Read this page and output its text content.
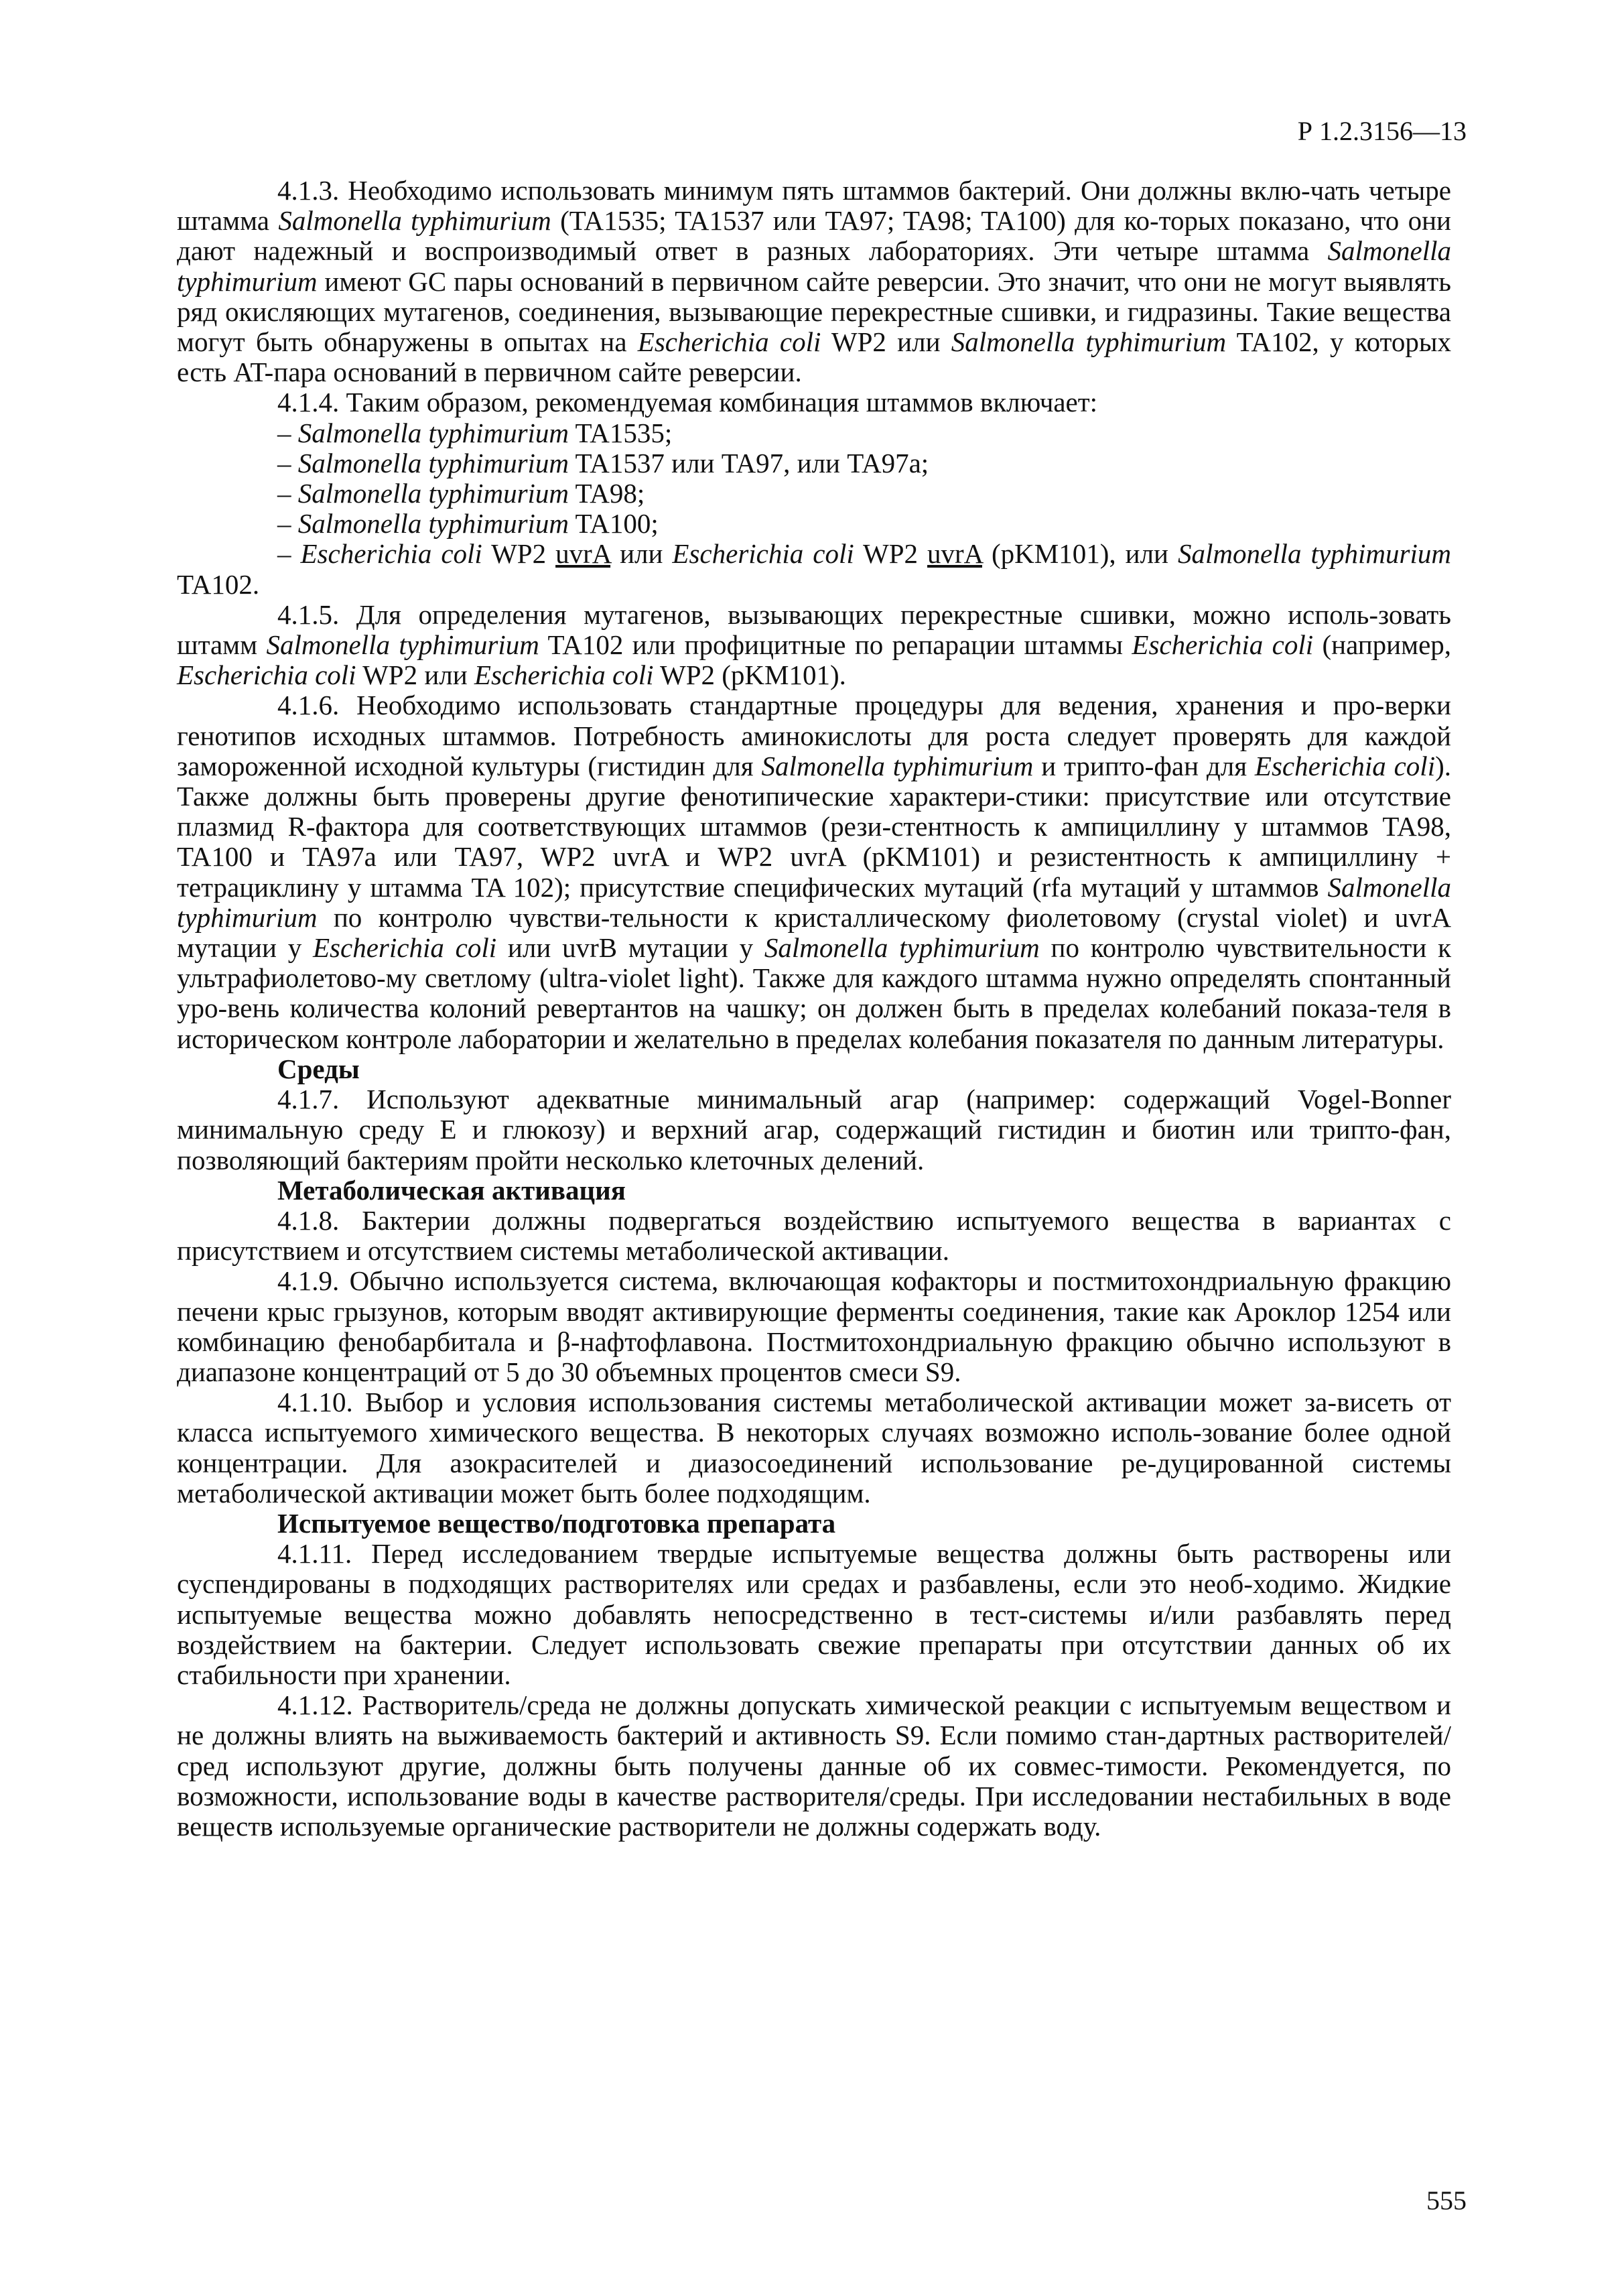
Р 1.2.3156—13

4.1.3. Необходимо использовать минимум пять штаммов бактерий. Они должны вклю-чать четыре штамма Salmonella typhimurium (TA1535; TA1537 или TA97; TA98; TA100) для ко-торых показано, что они дают надежный и воспроизводимый ответ в разных лабораториях. Эти четыре штамма Salmonella typhimurium имеют GC пары оснований в первичном сайте реверсии. Это значит, что они не могут выявлять ряд окисляющих мутагенов, соединения, вызывающие перекрестные сшивки, и гидразины. Такие вещества могут быть обнаружены в опытах на Escherichia coli WP2 или Salmonella typhimurium TA102, у которых есть AT-пара оснований в первичном сайте реверсии.

4.1.4. Таким образом, рекомендуемая комбинация штаммов включает:

– Salmonella typhimurium TA1535;

– Salmonella typhimurium TA1537 или TA97, или TA97a;

– Salmonella typhimurium TA98;

– Salmonella typhimurium TA100;

– Escherichia coli WP2 uvrA или Escherichia coli WP2 uvrA (pKM101), или Salmonella typhimurium TA102.

4.1.5. Для определения мутагенов, вызывающих перекрестные сшивки, можно исполь-зовать штамм Salmonella typhimurium TA102 или профицитные по репарации штаммы Escherichia coli (например, Escherichia coli WP2 или Escherichia coli WP2 (pKM101).

4.1.6. Необходимо использовать стандартные процедуры для ведения, хранения и про-верки генотипов исходных штаммов. Потребность аминокислоты для роста следует проверять для каждой замороженной исходной культуры (гистидин для Salmonella typhimurium и трипто-фан для Escherichia coli). Также должны быть проверены другие фенотипические характери-стики: присутствие или отсутствие плазмид R-фактора для соответствующих штаммов (рези-стентность к ампициллину у штаммов TA98, TA100 и TA97a или TA97, WP2 uvrA и WP2 uvrA (pKM101) и резистентность к ампициллину + тетрациклину у штамма TA 102); присутствие специфических мутаций (rfa мутаций у штаммов Salmonella typhimurium по контролю чувстви-тельности к кристаллическому фиолетовому (crystal violet) и uvrA мутации у Escherichia coli или uvrB мутации у Salmonella typhimurium по контролю чувствительности к ультрафиолетово-му светлому (ultra-violet light). Также для каждого штамма нужно определять спонтанный уро-вень количества колоний ревертантов на чашку; он должен быть в пределах колебаний показа-теля в историческом контроле лаборатории и желательно в пределах колебания показателя по данным литературы.

Среды

4.1.7. Используют адекватные минимальный агар (например: содержащий Vogel-Bonner минимальную среду E и глюкозу) и верхний агар, содержащий гистидин и биотин или трипто-фан, позволяющий бактериям пройти несколько клеточных делений.

Метаболическая активация

4.1.8. Бактерии должны подвергаться воздействию испытуемого вещества в вариантах с присутствием и отсутствием системы метаболической активации.

4.1.9. Обычно используется система, включающая кофакторы и постмитохондриальную фракцию печени крыс грызунов, которым вводят активирующие ферменты соединения, такие как Ароклор 1254 или комбинацию фенобарбитала и β-нафтофлавона. Постмитохондриальную фракцию обычно используют в диапазоне концентраций от 5 до 30 объемных процентов смеси S9.

4.1.10. Выбор и условия использования системы метаболической активации может за-висеть от класса испытуемого химического вещества. В некоторых случаях возможно исполь-зование более одной концентрации. Для азокрасителей и диазосоединений использование ре-дуцированной системы метаболической активации может быть более подходящим.

Испытуемое вещество/подготовка препарата

4.1.11. Перед исследованием твердые испытуемые вещества должны быть растворены или суспендированы в подходящих растворителях или средах и разбавлены, если это необ-ходимо. Жидкие испытуемые вещества можно добавлять непосредственно в тест-системы и/или разбавлять перед воздействием на бактерии. Следует использовать свежие препараты при отсутствии данных об их стабильности при хранении.

4.1.12. Растворитель/среда не должны допускать химической реакции с испытуемым веществом и не должны влиять на выживаемость бактерий и активность S9. Если помимо стан-дартных растворителей/сред используют другие, должны быть получены данные об их совмес-тимости. Рекомендуется, по возможности, использование воды в качестве растворителя/среды. При исследовании нестабильных в воде веществ используемые органические растворители не должны содержать воду.

555
